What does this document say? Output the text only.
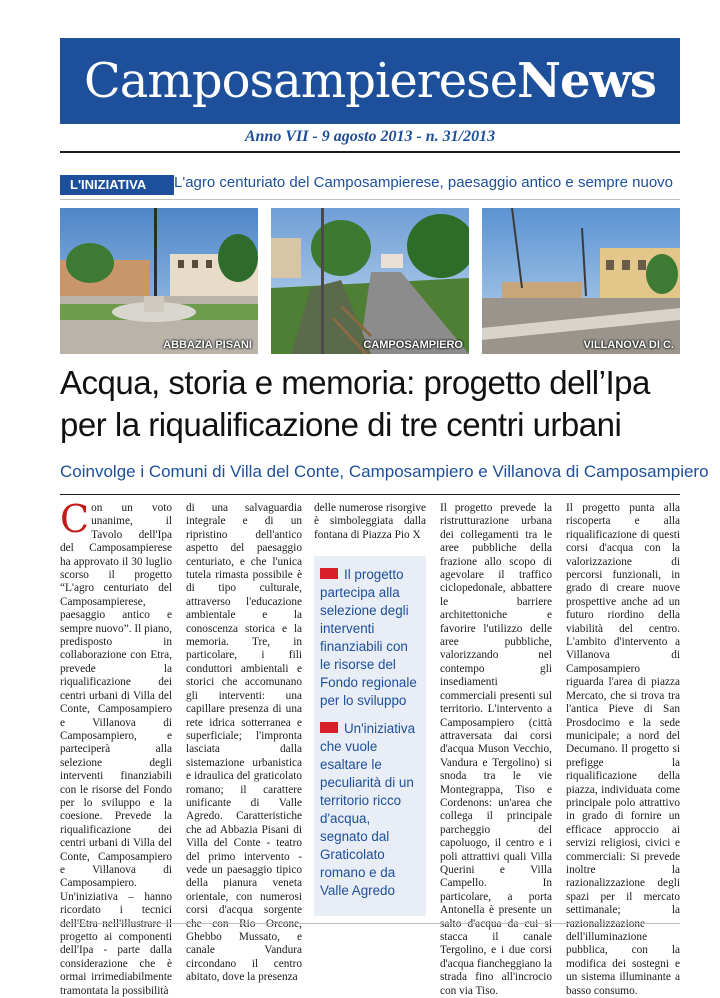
Camposampierese News
Anno VII - 9 agosto 2013 - n. 31/2013
L'INIZIATIVA	L'agro centuriato del Camposampierese, paesaggio antico e sempre nuovo
ABBAZIA PISANI	CAMPOSAMPIERO	VILLANOVA DI C.
Acqua, storia e memoria: progetto dell’Ipa
per la riqualificazione di tre centri urbani
Coinvolge i Comuni di Villa del Conte, Camposampiero e Villanova di Camposampiero
C on un voto unanime, il Tavolo dell'Ipa del Camposampierese ha approvato il 30 luglio scorso il progetto “L'agro centuriato del Camposampierese, paesaggio antico e sempre nuovo”. Il piano, predisposto in collaborazione con Etra, prevede la riqualificazione dei centri urbani di Villa del Conte, Camposampiero e Villanova di Camposampiero, e parteciperà alla selezione degli interventi finanziabili con le risorse del Fondo per lo sviluppo e la coesione. Prevede la riqualificazione dei centri urbani di Villa del Conte, Camposampiero e Villanova di Camposampiero. Un'iniziativa – hanno ricordato i tecnici progetto ai componenti dell'Ipa - parte dalla considerazione che è ormai irrimediabilmente tramontata la possibilità

di una salvaguardia integrale e di un ripristino dell'antico aspetto del paesaggio centuriato, e che l'unica tutela rimasta possibile è di tipo culturale, attraverso l'educazione ambientale e la conoscenza storica e la memoria. Tre, in particolare, i fili conduttori ambientali e storici che accomunano gli interventi: una capillare presenza di una rete idrica sotterranea e superficiale; l'impronta lasciata dalla sistemazione urbanistica e idraulica del graticolato romano; il carattere unificante di Valle Agredo. Caratteristiche che ad Abbazia Pisani di Villa del Conte - teatro del primo intervento - vede un paesaggio tipico della pianura veneta orientale, con numerosi corsi d'acqua sorgente Ghebbo Mussato, e canale Vandura circondano il centro abitato, dove la presenza

delle numerose risorgive è simboleggiata dalla fontana di Piazza Pio X

Il progetto partecipa alla selezione degli interventi finanziabili con le risorse del Fondo regionale per lo sviluppo

Un'iniziativa che vuole esaltare le peculiarità di un territorio ricco d'acqua, segnato dal Graticolato romano e da Valle Agredo

Il progetto prevede la ristrutturazione urbana dei collegamenti tra le aree pubbliche della frazione allo scopo di agevolare il traffico ciclopedonale, abbattere le barriere architettoniche e favorire l'utilizzo delle aree pubbliche, valorizzando nel contempo gli insediamenti commerciali presenti sul territorio. L'intervento a Camposampiero (città attraversata dai corsi d'acqua Muson Vecchio, Vandura e Tergolino) si snoda tra le vie Montegrappa, Tiso e Cordenons: un'area che collega il principale parcheggio del capoluogo, il centro e i poli attrattivi quali Villa Querini e Villa Campello. In particolare, a porta Antonella è presente un stacca il canale Tergolino, e i due corsi d'acqua fiancheggiano la strada fino all'incrocio con via Tiso.

Il progetto punta alla riscoperta e alla riqualificazione di questi corsi d'acqua con la valorizzazione di percorsi funzionali, in grado di creare nuove prospettive anche ad un futuro riordino della viabilità del centro. L'ambito d'intervento a Villanova di Camposampiero riguarda l'area di piazza Mercato, che si trova tra l'antica Pieve di San Prosdocimo e la sede municipale; a nord del Decumano. Il progetto si prefigge la riqualificazione della piazza, individuata come principale polo attrattivo in grado di fornire un efficace approccio ai servizi religiosi, civici e commerciali: Si prevede inoltre la razionalizzazione degli spazi per il mercato settimanale; la dell'illuminazione pubblica, con la modifica dei sostegni e un sistema illuminante a basso consumo.
